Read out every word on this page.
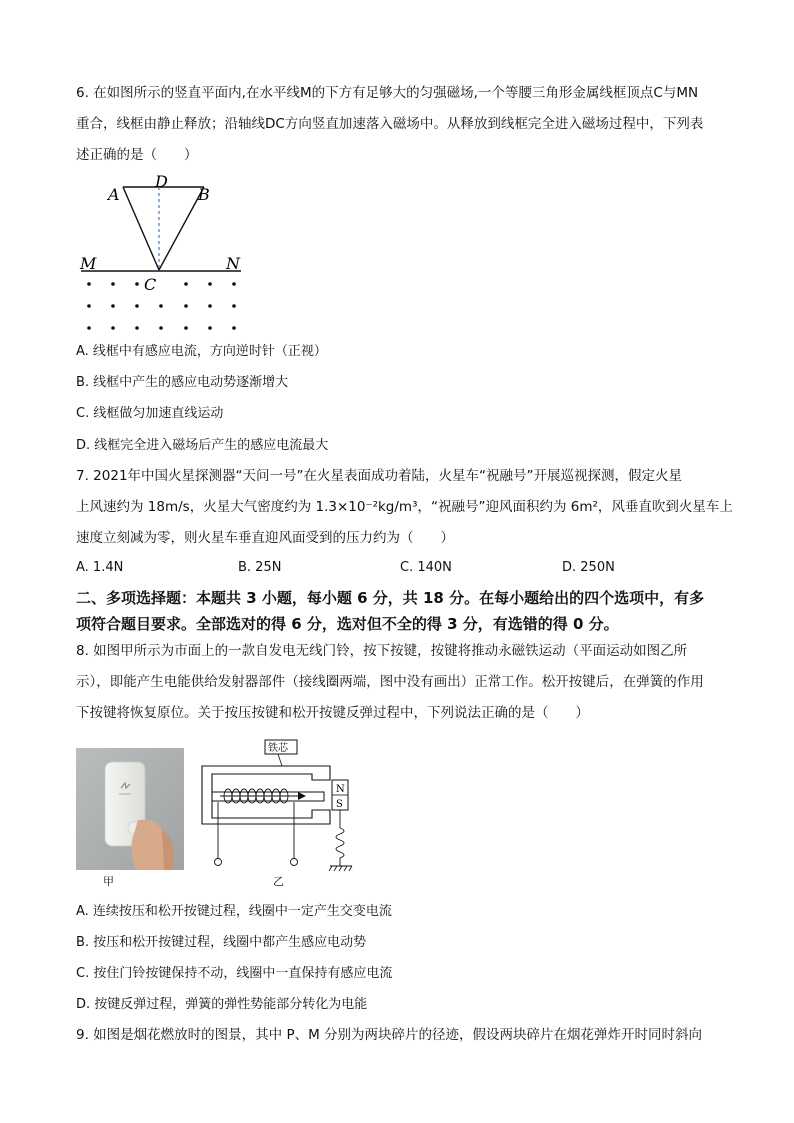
6. 在如图所示的竖直平面内,在水平线M的下方有足够大的匀强磁场,一个等腰三角形金属线框顶点C与MN
重合，线框由静止释放；沿轴线DC方向竖直加速落入磁场中。从释放到线框完全进入磁场过程中，下列表
述正确的是（　　）
A
D
B
M	N
C
A. 线框中有感应电流，方向逆时针（正视）
B. 线框中产生的感应电动势逐渐增大
C. 线框做匀加速直线运动
D. 线框完全进入磁场后产生的感应电流最大
7. 2021年中国火星探测器“天问一号”在火星表面成功着陆，火星车“祝融号”开展巡视探测，假定火星
上风速约为 18m/s，火星大气密度约为 1.3×10⁻²kg/m³，“祝融号”迎风面积约为 6m²，风垂直吹到火星车上
速度立刻减为零，则火星车垂直迎风面受到的压力约为（　　）
A. 1.4N	B. 25N	C. 140N	D. 250N
二、多项选择题：本题共 3 小题，每小题 6 分，共 18 分。在每小题给出的四个选项中，有多
项符合题目要求。全部选对的得 6 分，选对但不全的得 3 分，有选错的得 0 分。
8. 如图甲所示为市面上的一款自发电无线门铃，按下按键，按键将推动永磁铁运动（平面运动如图乙所
示），即能产生电能供给发射器部件（接线圈两端，图中没有画出）正常工作。松开按键后，在弹簧的作用
下按键将恢复原位。关于按压按键和松开按键反弹过程中，下列说法正确的是（　　）
甲
铁芯
N
S
乙
A. 连续按压和松开按键过程，线圈中一定产生交变电流
B. 按压和松开按键过程，线圈中都产生感应电动势
C. 按住门铃按键保持不动，线圈中一直保持有感应电流
D. 按键反弹过程，弹簧的弹性势能部分转化为电能
9. 如图是烟花燃放时的图景，其中 P、M 分别为两块碎片的径迹，假设两块碎片在烟花弹炸开时同时斜向
